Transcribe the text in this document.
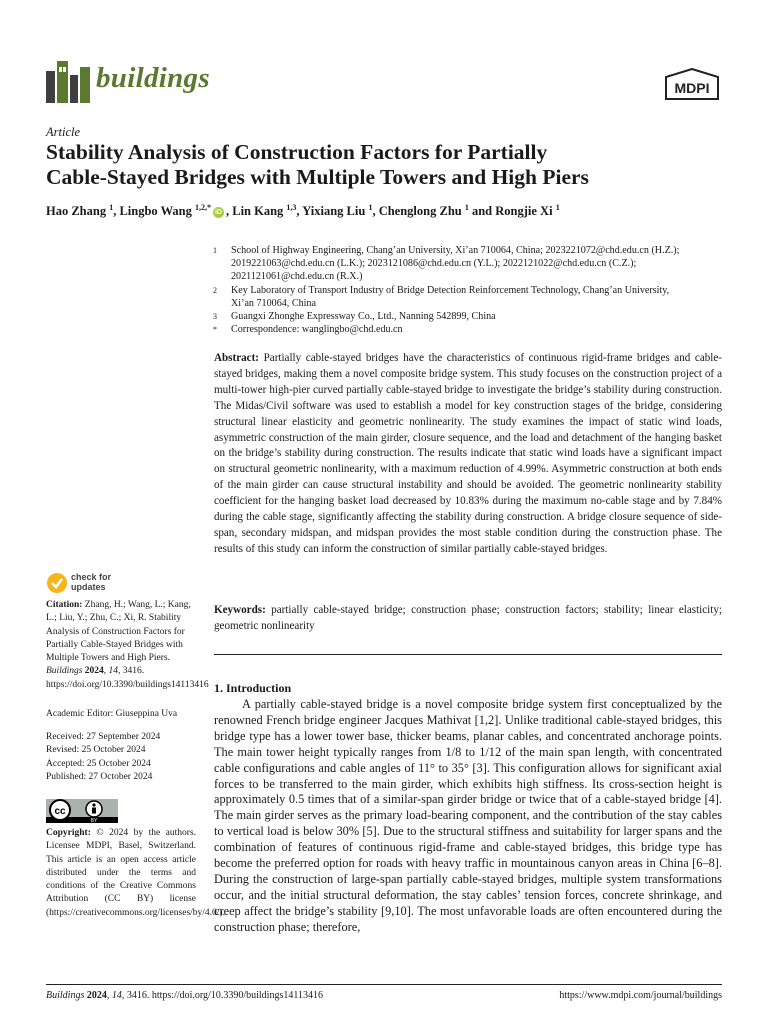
buildings	MDPI
Article
Stability Analysis of Construction Factors for Partially
Cable-Stayed Bridges with Multiple Towers and High Piers
Hao Zhang $^1$, Lingbo Wang $^{1,2,*}$iD , Lin Kang $^{1,3}$, Yixiang Liu $^1$, Chenglong Zhu $^1$ and Rongjie Xi $^1$
1 School of Highway Engineering, Chang’an University, Xi’an 710064, China; 2023221072@chd.edu.cn (H.Z.);
2019221063@chd.edu.cn (L.K.); 2023121086@chd.edu.cn (Y.L.); 2022121022@chd.edu.cn (C.Z.);
2021121061@chd.edu.cn (R.X.)
2 Key Laboratory of Transport Industry of Bridge Detection Reinforcement Technology, Chang’an University,
Xi’an 710064, China
3 Guangxi Zhonghe Expressway Co., Ltd., Nanning 542899, China
* Correspondence: wanglingbo@chd.edu.cn
Abstract: Partially cable-stayed bridges have the characteristics of continuous rigid-frame bridges and cable-stayed bridges, making them a novel composite bridge system. This study focuses on the construction project of a multi-tower high-pier curved partially cable-stayed bridge to investigate the bridge’s stability during construction. The Midas/Civil software was used to establish a model for key construction stages of the bridge, considering structural linear elasticity and geometric nonlinearity. The study examines the impact of static wind loads, asymmetric construction of the main girder, closure sequence, and the load and detachment of the hanging basket on the bridge’s stability during construction. The results indicate that static wind loads have a significant impact on structural geometric nonlinearity, with a maximum reduction of 4.99%. Asymmetric construction at both ends of the main girder can cause structural instability and should be avoided. The geometric nonlinearity stability coefficient for the hanging basket load decreased by 10.83% during the maximum no-cable stage and by 7.84% during the cable stage, significantly affecting the stability during construction. A bridge closure sequence of side-span, secondary midspan, and midspan provides the most stable condition during the construction phase. The results of this study can inform the construction of similar partially cable-stayed bridges.
Keywords: partially cable-stayed bridge; construction phase; construction factors; stability; linear elasticity; geometric nonlinearity
check for
updates
Citation: Zhang, H.; Wang, L.; Kang, L.; Liu, Y.; Zhu, C.; Xi, R. Stability Analysis of Construction Factors for Partially Cable-Stayed Bridges with Multiple Towers and High Piers. Buildings 2024, 14, 3416. https://doi.org/10.3390/buildings14113416
Academic Editor: Giuseppina Uva
Received: 27 September 2024
Revised: 25 October 2024
Accepted: 25 October 2024
Published: 27 October 2024
cc
BY
Copyright: © 2024 by the authors. Licensee MDPI, Basel, Switzerland. This article is an open access article distributed under the terms and conditions of the Creative Commons Attribution (CC BY) license (https://creativecommons.org/licenses/by/4.0/).
1. Introduction
A partially cable-stayed bridge is a novel composite bridge system first conceptualized by the renowned French bridge engineer Jacques Mathivat [1,2]. Unlike traditional cable-stayed bridges, this bridge type has a lower tower base, thicker beams, planar cables, and concentrated anchorage points. The main tower height typically ranges from 1/8 to 1/12 of the main span length, with concentrated cable configurations and cable angles of 11° to 35° [3]. This configuration allows for significant axial forces to be transferred to the main girder, which exhibits high stiffness. Its cross-section height is approximately 0.5 times that of a similar-span girder bridge or twice that of a cable-stayed bridge [4]. The main girder serves as the primary load-bearing component, and the contribution of the stay cables to vertical load is below 30% [5]. Due to the structural stiffness and suitability for larger spans and the combination of features of continuous rigid-frame and cable-stayed bridges, this bridge type has become the preferred option for roads with heavy traffic in mountainous canyon areas in China [6–8]. During the construction of large-span partially cable-stayed bridges, multiple system transformations occur, and the initial structural deformation, the stay cables’ tension forces, concrete shrinkage, and creep affect the bridge’s stability [9,10]. The most unfavorable loads are often encountered during the construction phase; therefore,
Buildings 2024, 14, 3416. https://doi.org/10.3390/buildings14113416	https://www.mdpi.com/journal/buildings
